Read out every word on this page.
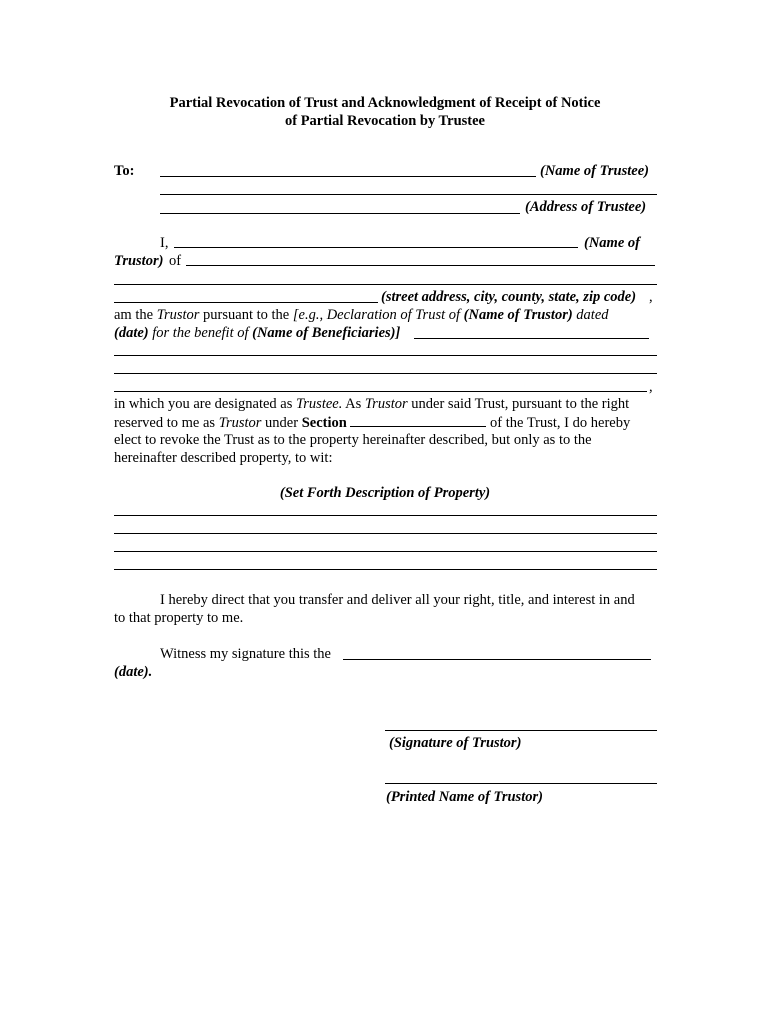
Partial Revocation of Trust and Acknowledgment of Receipt of Notice
of Partial Revocation by Trustee
To:	(Name of Trustee)
(Address of Trustee)
I,	(Name of
Trustor) of
(street address, city, county, state, zip code) ,
am the Trustor pursuant to the [e.g., Declaration of Trust of (Name of Trustor) dated
(date) for the benefit of (Name of Beneficiaries)]
,
in which you are designated as Trustee. As Trustor under said Trust, pursuant to the right
reserved to me as Trustor under Section	of the Trust, I do hereby
elect to revoke the Trust as to the property hereinafter described, but only as to the
hereinafter described property, to wit:
(Set Forth Description of Property)
I hereby direct that you transfer and deliver all your right, title, and interest in and
to that property to me.
Witness my signature this the
(date).
(Signature of Trustor)
(Printed Name of Trustor)
